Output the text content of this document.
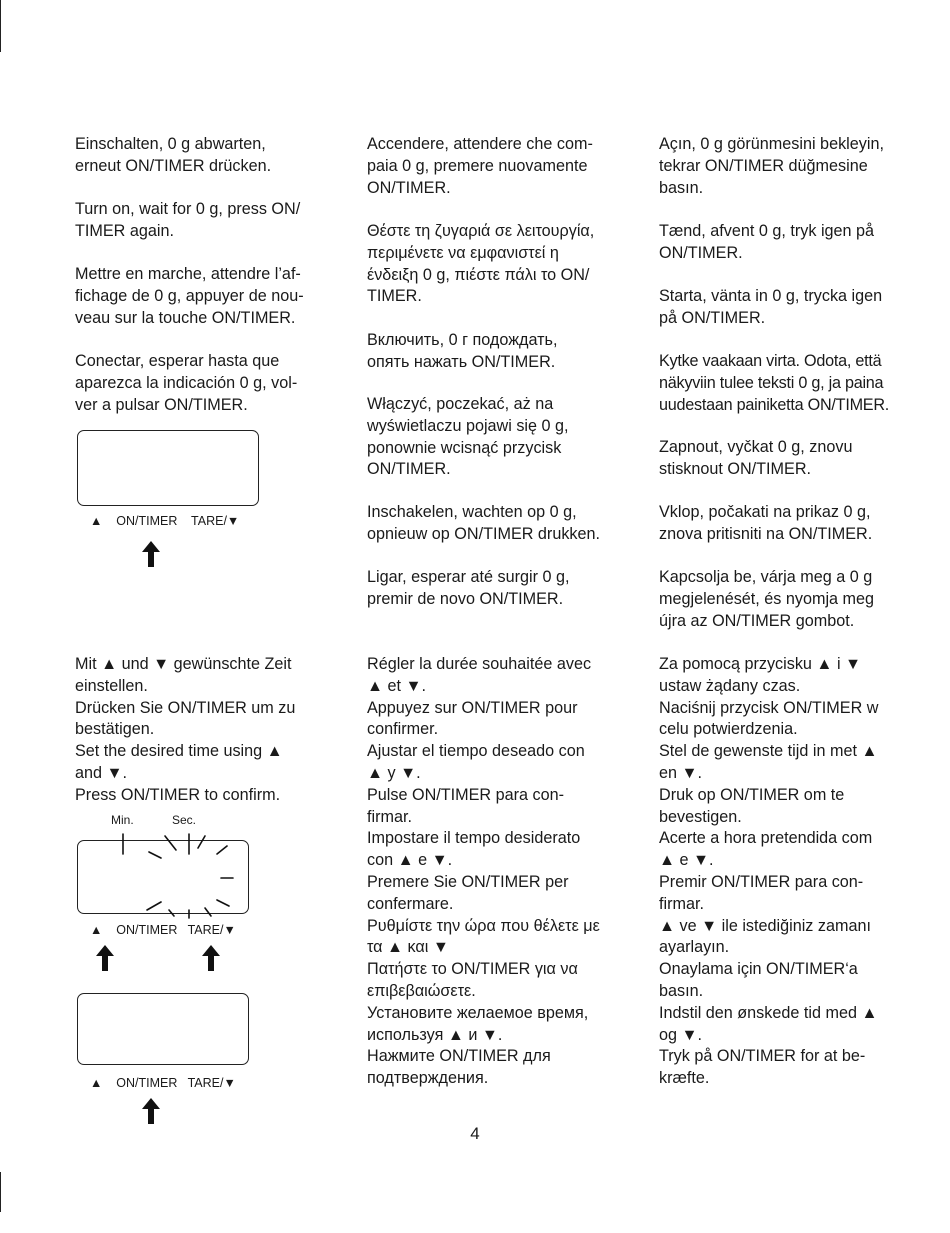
Einschalten, 0 g abwarten,
erneut ON/TIMER drücken.

Turn on, wait for 0 g, press ON/
TIMER again.

Mettre en marche, attendre l’af-
fichage de 0 g, appuyer de nou-
veau sur la touche ON/TIMER.

Conectar, esperar hasta que
aparezca la indicación 0 g, vol-
ver a pulsar ON/TIMER.

▲    ON/TIMER    TARE/▼

Mit ▲ und ▼ gewünschte Zeit
einstellen.
Drücken Sie ON/TIMER um zu
bestätigen.
Set the desired time using ▲
and ▼.
Press ON/TIMER to confirm.

Min.	Sec.
▲    ON/TIMER   TARE/▼
▲    ON/TIMER   TARE/▼

Accendere, attendere che com-
paia 0 g, premere nuovamente
ON/TIMER.

Θέστε τη ζυγαριά σε λειτουργία,
περιμένετε να εμφανιστεί η
ένδειξη 0 g, πιέστε πάλι το ON/
TIMER.

Включить, 0 г подождать,
опять нажать ON/TIMER.

Włączyć, poczekać, aż na
wyświetlaczu pojawi się 0 g,
ponownie wcisnąć przycisk
ON/TIMER.

Inschakelen, wachten op 0 g,
opnieuw op ON/TIMER drukken.

Ligar, esperar até surgir 0 g,
premir de novo ON/TIMER.

Régler la durée souhaitée avec
▲ et ▼.
Appuyez sur ON/TIMER pour
confirmer.
Ajustar el tiempo deseado con
▲ y ▼.
Pulse ON/TIMER para con-
firmar.
Impostare il tempo desiderato
con ▲ e ▼.
Premere Sie ON/TIMER per
confermare.
Ρυθμίστε την ώρα που θέλετε με
τα ▲ και ▼
Πατήστε το ON/TIMER για να
επιβεβαιώσετε.
Установите желаемое время,
используя ▲ и ▼.
Нажмите ON/TIMER для
подтверждения.

Açın, 0 g görünmesini bekleyin,
tekrar ON/TIMER düğmesine
basın.

Tænd, afvent 0 g, tryk igen på
ON/TIMER.

Starta, vänta in 0 g, trycka igen
på ON/TIMER.

Kytke vaakaan virta. Odota, että
näkyviin tulee teksti 0 g, ja paina
uudestaan painiketta ON/TIMER.

Zapnout, vyčkat 0 g, znovu
stisknout ON/TIMER.

Vklop, počakati na prikaz 0 g,
znova pritisniti na ON/TIMER.

Kapcsolja be, várja meg a 0 g
megjelenését, és nyomja meg
újra az ON/TIMER gombot.

Za pomocą przycisku ▲ i ▼
ustaw żądany czas.
Naciśnij przycisk ON/TIMER w
celu potwierdzenia.
Stel de gewenste tijd in met ▲
en ▼.
Druk op ON/TIMER om te
bevestigen.
Acerte a hora pretendida com
▲ e ▼.
Premir ON/TIMER para con-
firmar.
▲ ve ▼ ile istediğiniz zamanı
ayarlayın.
Onaylama için ON/TIMER‘a
basın.
Indstil den ønskede tid med ▲
og ▼.
Tryk på ON/TIMER for at be-
kræfte.

4
